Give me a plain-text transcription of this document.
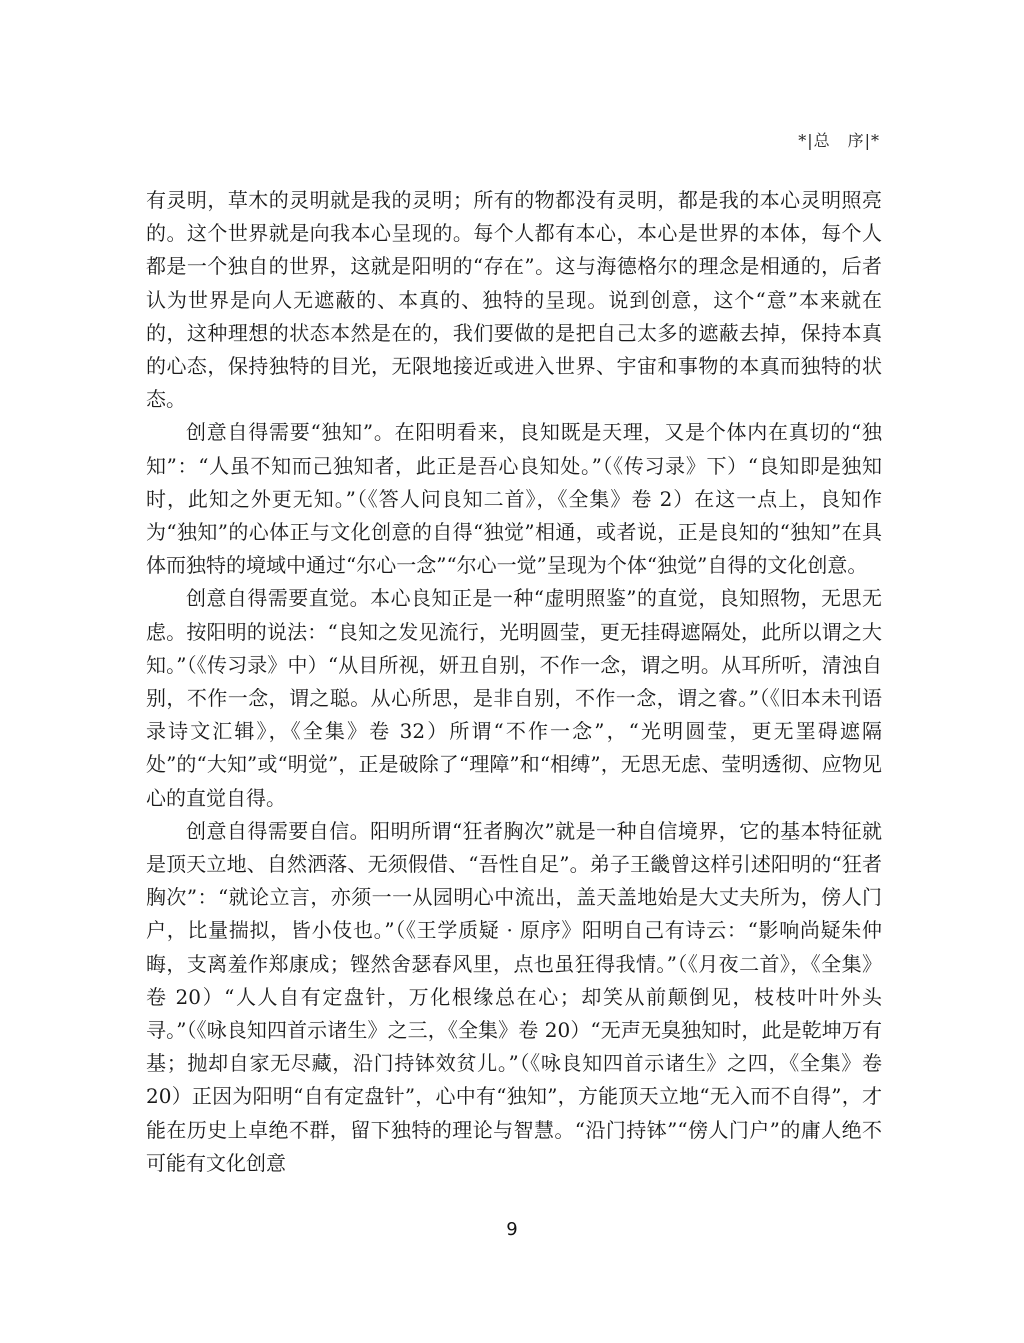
*|总　序|*

有灵明，草木的灵明就是我的灵明；所有的物都没有灵明，都是我的本心灵明照亮的。这个世界就是向我本心呈现的。每个人都有本心，本心是世界的本体，每个人都是一个独自的世界，这就是阳明的“存在”。这与海德格尔的理念是相通的，后者认为世界是向人无遮蔽的、本真的、独特的呈现。说到创意，这个“意”本来就在的，这种理想的状态本然是在的，我们要做的是把自己太多的遮蔽去掉，保持本真的心态，保持独特的目光，无限地接近或进入世界、宇宙和事物的本真而独特的状态。

创意自得需要“独知”。在阳明看来，良知既是天理，又是个体内在真切的“独知”：“人虽不知而己独知者，此正是吾心良知处。”（《传习录》下）“良知即是独知时，此知之外更无知。”（《答人问良知二首》，《全集》卷 2）在这一点上，良知作为“独知”的心体正与文化创意的自得“独觉”相通，或者说，正是良知的“独知”在具体而独特的境域中通过“尔心一念”“尔心一觉”呈现为个体“独觉”自得的文化创意。

创意自得需要直觉。本心良知正是一种“虚明照鉴”的直觉，良知照物，无思无虑。按阳明的说法：“良知之发见流行，光明圆莹，更无挂碍遮隔处，此所以谓之大知。”（《传习录》中）“从目所视，妍丑自别，不作一念，谓之明。从耳所听，清浊自别，不作一念，谓之聪。从心所思，是非自别，不作一念，谓之睿。”（《旧本未刊语录诗文汇辑》，《全集》卷 32）所谓“不作一念”，“光明圆莹，更无罣碍遮隔处”的“大知”或“明觉”，正是破除了“理障”和“相缚”，无思无虑、莹明透彻、应物见心的直觉自得。

创意自得需要自信。阳明所谓“狂者胸次”就是一种自信境界，它的基本特征就是顶天立地、自然洒落、无须假借、“吾性自足”。弟子王畿曾这样引述阳明的“狂者胸次”：“就论立言，亦须一一从园明心中流出，盖天盖地始是大丈夫所为，傍人门户，比量揣拟，皆小伎也。”（《王学质疑 · 原序》阳明自己有诗云：“影响尚疑朱仲晦，支离羞作郑康成；铿然舍瑟春风里，点也虽狂得我情。”（《月夜二首》，《全集》卷 20）“人人自有定盘针，万化根缘总在心；却笑从前颠倒见，枝枝叶叶外头寻。”（《咏良知四首示诸生》之三，《全集》卷 20）“无声无臭独知时，此是乾坤万有基；抛却自家无尽藏，沿门持钵效贫儿。”（《咏良知四首示诸生》之四，《全集》卷 20）正因为阳明“自有定盘针”，心中有“独知”，方能顶天立地“无入而不自得”，才能在历史上卓绝不群，留下独特的理论与智慧。“沿门持钵”“傍人门户”的庸人绝不可能有文化创意

9
